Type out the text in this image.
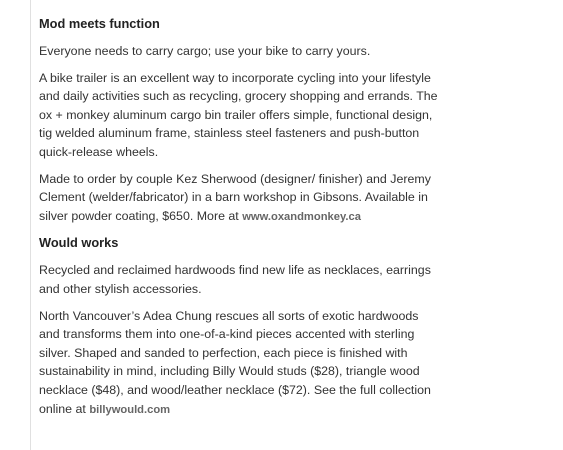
Mod meets function

Everyone needs to carry cargo; use your bike to carry yours.

A bike trailer is an excellent way to incorporate cycling into your lifestyle and daily activities such as recycling, grocery shopping and errands. The ox + monkey aluminum cargo bin trailer offers simple, functional design, tig welded aluminum frame, stainless steel fasteners and push-button quick-release wheels.

Made to order by couple Kez Sherwood (designer/ finisher) and Jeremy Clement (welder/fabricator) in a barn workshop in Gibsons. Available in silver powder coating, $650. More at www.oxandmonkey.ca

Would works

Recycled and reclaimed hardwoods find new life as necklaces, earrings and other stylish accessories.

North Vancouver’s Adea Chung rescues all sorts of exotic hardwoods and transforms them into one-of-a-kind pieces accented with sterling silver. Shaped and sanded to perfection, each piece is finished with sustainability in mind, including Billy Would studs ($28), triangle wood necklace ($48), and wood/leather necklace ($72). See the full collection online at billywould.com
